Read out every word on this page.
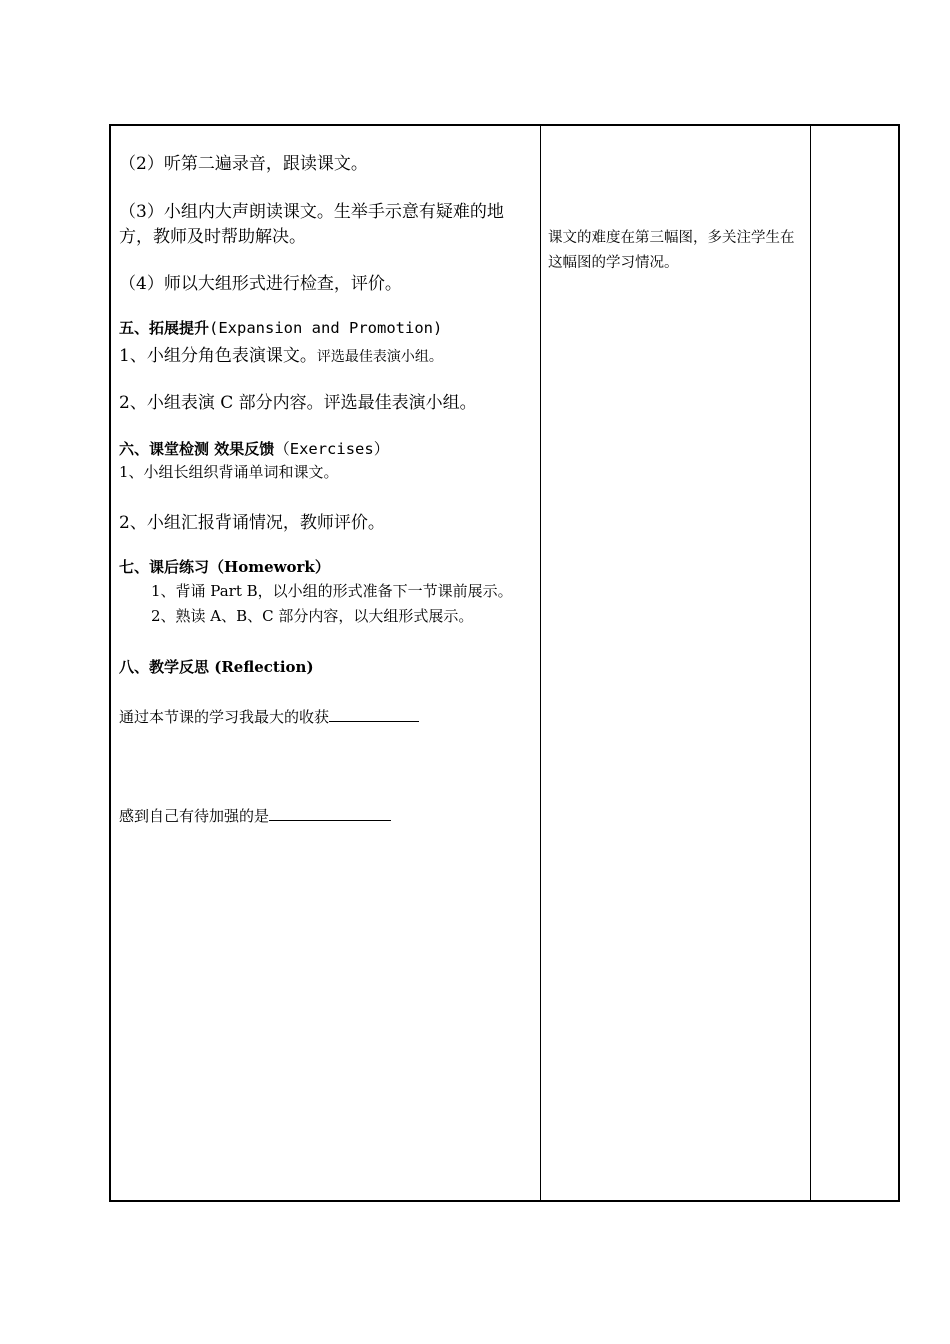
（2）听第二遍录音，跟读课文。
（3）小组内大声朗读课文。生举手示意有疑难的地
方，教师及时帮助解决。
（4）师以大组形式进行检查，评价。
五、拓展提升(Expansion and Promotion)
1、小组分角色表演课文。评选最佳表演小组。
2、小组表演 C 部分内容。评选最佳表演小组。
六、课堂检测 效果反馈（Exercises）
1、小组长组织背诵单词和课文。
2、小组汇报背诵情况，教师评价。
七、课后练习（Homework）
1、背诵 Part B，以小组的形式准备下一节课前展示。
2、熟读 A、B、C 部分内容，以大组形式展示。
八、教学反思 (Reflection)
通过本节课的学习我最大的收获
感到自己有待加强的是
课文的难度在第三幅图，多关注学生在这幅图的学习情况。
